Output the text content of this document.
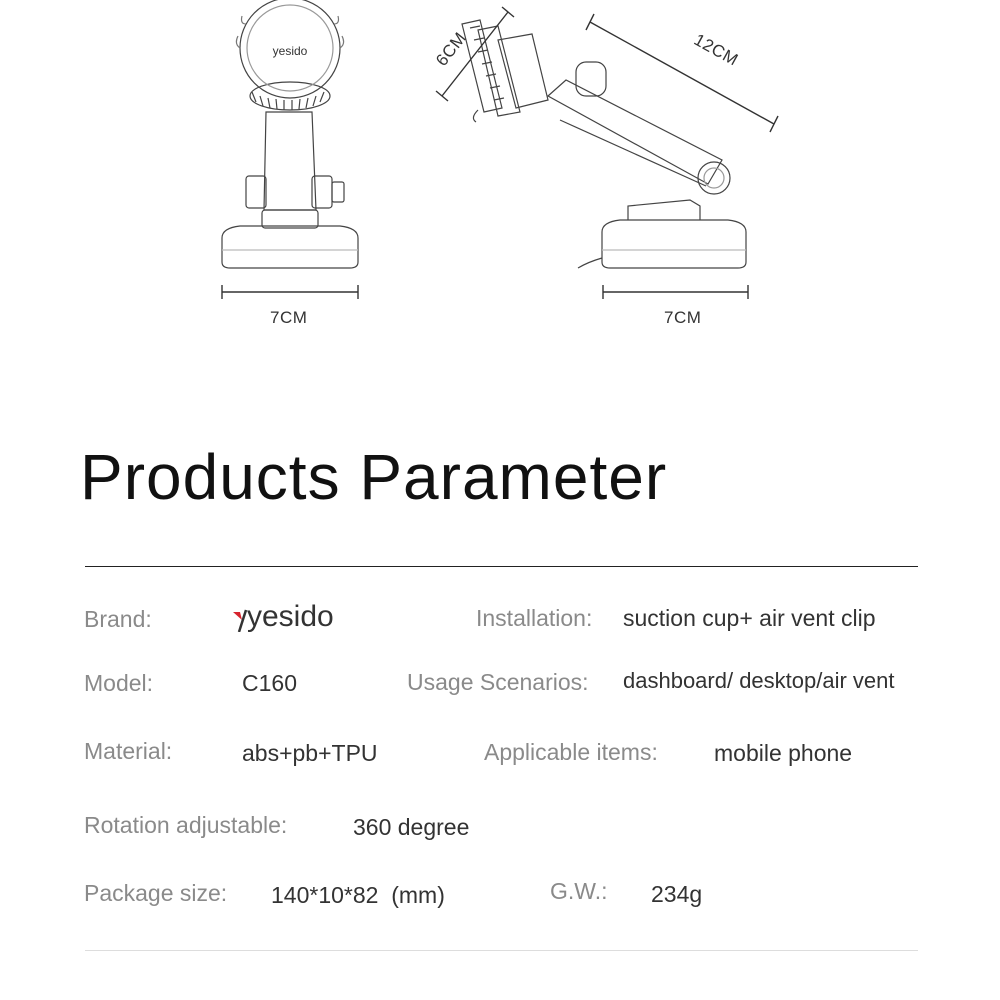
yesido
7CM	7CM
12CM
6CM
Products Parameter
Brand:	yesido	Installation: suction cup+ air vent clip
Model:	C160	Usage Scenarios: dashboard/ desktop/air vent
Material:	abs+pb+TPU	Applicable items: mobile phone
Rotation adjustable:	360 degree
Package size: 140*10*82  (mm)	G.W.: 234g
